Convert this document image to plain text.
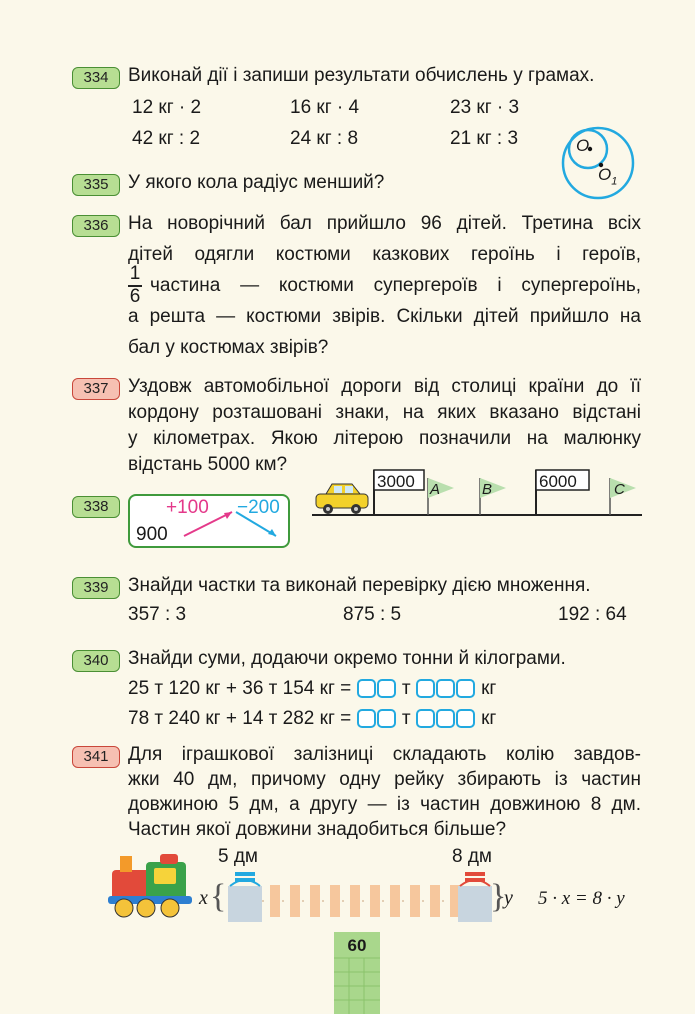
334	Виконай дії і запиши результати обчислень у грамах.
12 кг · 2	16 кг · 4	23 кг · 3
42 кг : 2	24 кг : 8	21 кг : 3	O
$O_1$
335	У якого кола радіус менший?
336	На новорічний бал прийшло 96 дітей. Третина всіх
дітей одягли костюми казкових героїнь і героїв,
1
6
частина — костюми супергероїв і супергероїнь,
а решта — костюми звірів. Скільки дітей прийшло на
бал у костюмах звірів?
337	Уздовж автомобільної дороги від столиці країни до її
кордону розташовані знаки, на яких вказано відстані
у кілометрах. Якою літерою позначили на малюнку
відстань 5000 км?
3000	6000
A	B	C
338
900
+100 −200
339	Знайди частки та виконай перевірку дією множення.
357 : 3	875 : 5	192 : 64
340	Знайди суми, додаючи окремо тонни й кілограми.
25 т 120 кг + 36 т 154 кг =	т	кг
78 т 240 кг + 14 т 282 кг =	т	кг
341	Для іграшкової залізниці складають колію завдов-
жки 40 дм, причому одну рейку збирають із частин
довжиною 5 дм, а другу — із частин довжиною 8 дм.
Частин якої довжини знадобиться більше?
5 дм	8 дм
x {	}
y 5 · x = 8 · y
60
